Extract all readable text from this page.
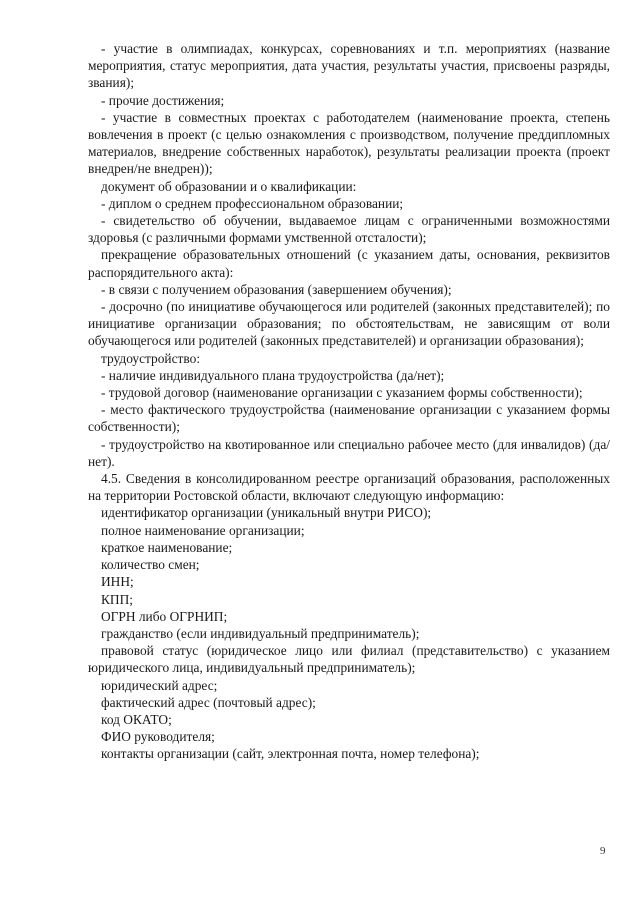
- участие в олимпиадах, конкурсах, соревнованиях и т.п. мероприятиях (название мероприятия, статус мероприятия, дата участия, результаты участия, присвоены разряды, звания);

- прочие достижения;

- участие в совместных проектах с работодателем (наименование проекта, степень вовлечения в проект (с целью ознакомления с производством, получение преддипломных материалов, внедрение собственных наработок), результаты реализации проекта (проект внедрен/не внедрен));

документ об образовании и о квалификации:

- диплом о среднем профессиональном образовании;

- свидетельство об обучении, выдаваемое лицам с ограниченными возможностями здоровья (с различными формами умственной отсталости);

прекращение образовательных отношений (с указанием даты, основания, реквизитов распорядительного акта):

- в связи с получением образования (завершением обучения);

- досрочно (по инициативе обучающегося или родителей (законных представителей); по инициативе организации образования; по обстоятельствам, не зависящим от воли обучающегося или родителей (законных представителей) и организации образования);

трудоустройство:

- наличие индивидуального плана трудоустройства (да/нет);

- трудовой договор (наименование организации с указанием формы собственности);

- место фактического трудоустройства (наименование организации с указанием формы собственности);

- трудоустройство на квотированное или специально рабочее место (для инвалидов) (да/нет).

4.5. Сведения в консолидированном реестре организаций образования, расположенных на территории Ростовской области, включают следующую информацию:

идентификатор организации (уникальный внутри РИСО);

полное наименование организации;

краткое наименование;

количество смен;

ИНН;

КПП;

ОГРН либо ОГРНИП;

гражданство (если индивидуальный предприниматель);

правовой статус (юридическое лицо или филиал (представительство) с указанием юридического лица, индивидуальный предприниматель);

юридический адрес;

фактический адрес (почтовый адрес);

код ОКАТО;

ФИО руководителя;

контакты организации (сайт, электронная почта, номер телефона);

9
